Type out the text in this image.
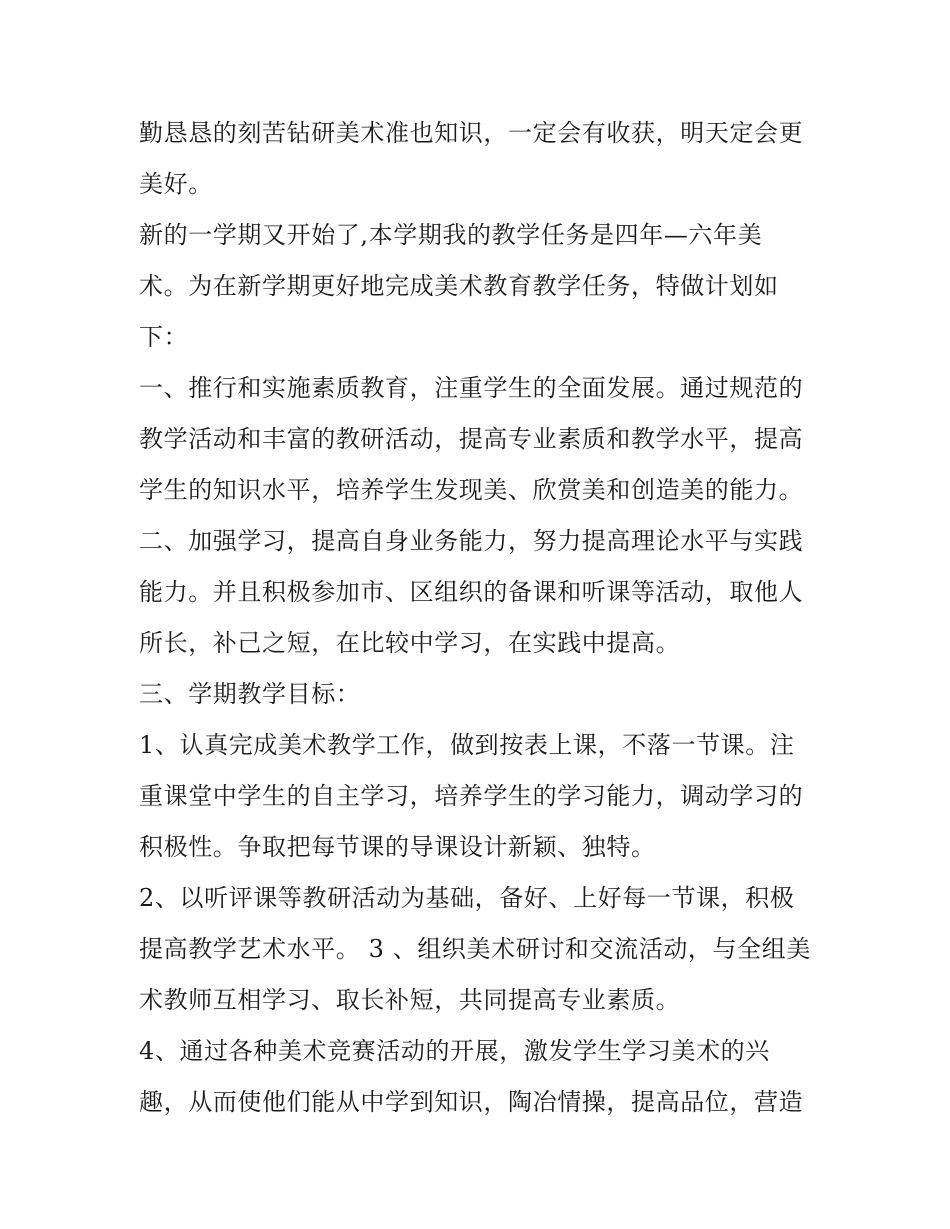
勤恳恳的刻苦钻研美术准也知识，一定会有收获，明天定会更
美好。
新的一学期又开始了,本学期我的教学任务是四年—六年美
术。为在新学期更好地完成美术教育教学任务，特做计划如
下：
一、推行和实施素质教育，注重学生的全面发展。通过规范的
教学活动和丰富的教研活动，提高专业素质和教学水平，提高
学生的知识水平，培养学生发现美、欣赏美和创造美的能力。
二、加强学习，提高自身业务能力，努力提高理论水平与实践
能力。并且积极参加市、区组织的备课和听课等活动，取他人
所长，补己之短，在比较中学习，在实践中提高。
三、学期教学目标：
1、认真完成美术教学工作，做到按表上课，不落一节课。注
重课堂中学生的自主学习，培养学生的学习能力，调动学习的
积极性。争取把每节课的导课设计新颖、独特。
2、以听评课等教研活动为基础，备好、上好每一节课，积极
提高教学艺术水平。 3 、组织美术研讨和交流活动，与全组美
术教师互相学习、取长补短，共同提高专业素质。
4、通过各种美术竞赛活动的开展，激发学生学习美术的兴
趣，从而使他们能从中学到知识，陶冶情操，提高品位，营造
